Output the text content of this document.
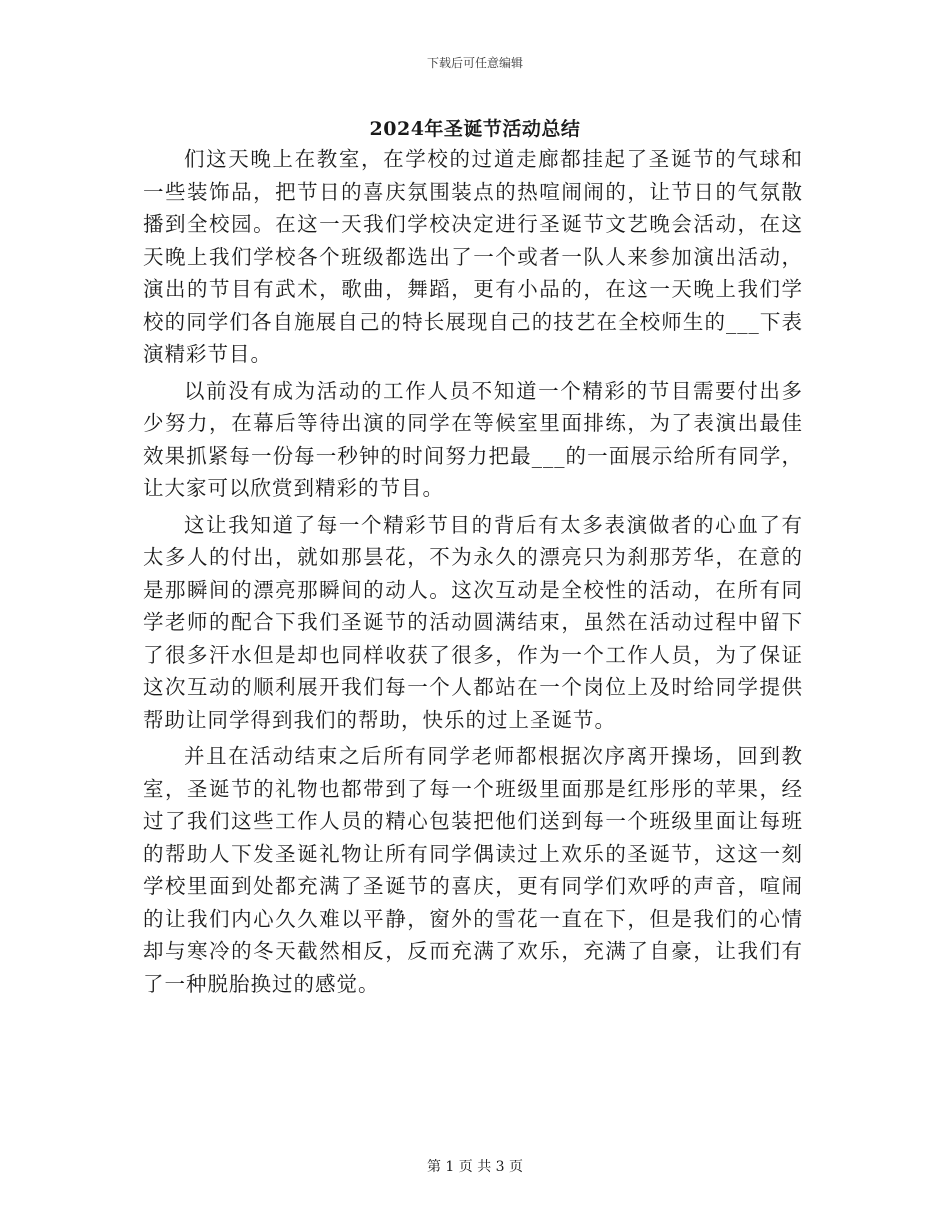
下载后可任意编辑
2024年圣诞节活动总结

们这天晚上在教室，在学校的过道走廊都挂起了圣诞节的气球和一些装饰品，把节日的喜庆氛围装点的热喧闹闹的，让节日的气氛散播到全校园。在这一天我们学校决定进行圣诞节文艺晚会活动，在这天晚上我们学校各个班级都选出了一个或者一队人来参加演出活动，演出的节目有武术，歌曲，舞蹈，更有小品的，在这一天晚上我们学校的同学们各自施展自己的特长展现自己的技艺在全校师生的___下表演精彩节目。

以前没有成为活动的工作人员不知道一个精彩的节目需要付出多少努力，在幕后等待出演的同学在等候室里面排练，为了表演出最佳效果抓紧每一份每一秒钟的时间努力把最___的一面展示给所有同学，让大家可以欣赏到精彩的节目。

这让我知道了每一个精彩节目的背后有太多表演做者的心血了有太多人的付出，就如那昙花，不为永久的漂亮只为刹那芳华，在意的是那瞬间的漂亮那瞬间的动人。这次互动是全校性的活动，在所有同学老师的配合下我们圣诞节的活动圆满结束，虽然在活动过程中留下了很多汗水但是却也同样收获了很多，作为一个工作人员，为了保证这次互动的顺利展开我们每一个人都站在一个岗位上及时给同学提供帮助让同学得到我们的帮助，快乐的过上圣诞节。

并且在活动结束之后所有同学老师都根据次序离开操场，回到教室，圣诞节的礼物也都带到了每一个班级里面那是红彤彤的苹果，经过了我们这些工作人员的精心包装把他们送到每一个班级里面让每班的帮助人下发圣诞礼物让所有同学偶读过上欢乐的圣诞节，这这一刻学校里面到处都充满了圣诞节的喜庆，更有同学们欢呼的声音，喧闹的让我们内心久久难以平静，窗外的雪花一直在下，但是我们的心情却与寒冷的冬天截然相反，反而充满了欢乐，充满了自豪，让我们有了一种脱胎换过的感觉。

第 1 页 共 3 页
